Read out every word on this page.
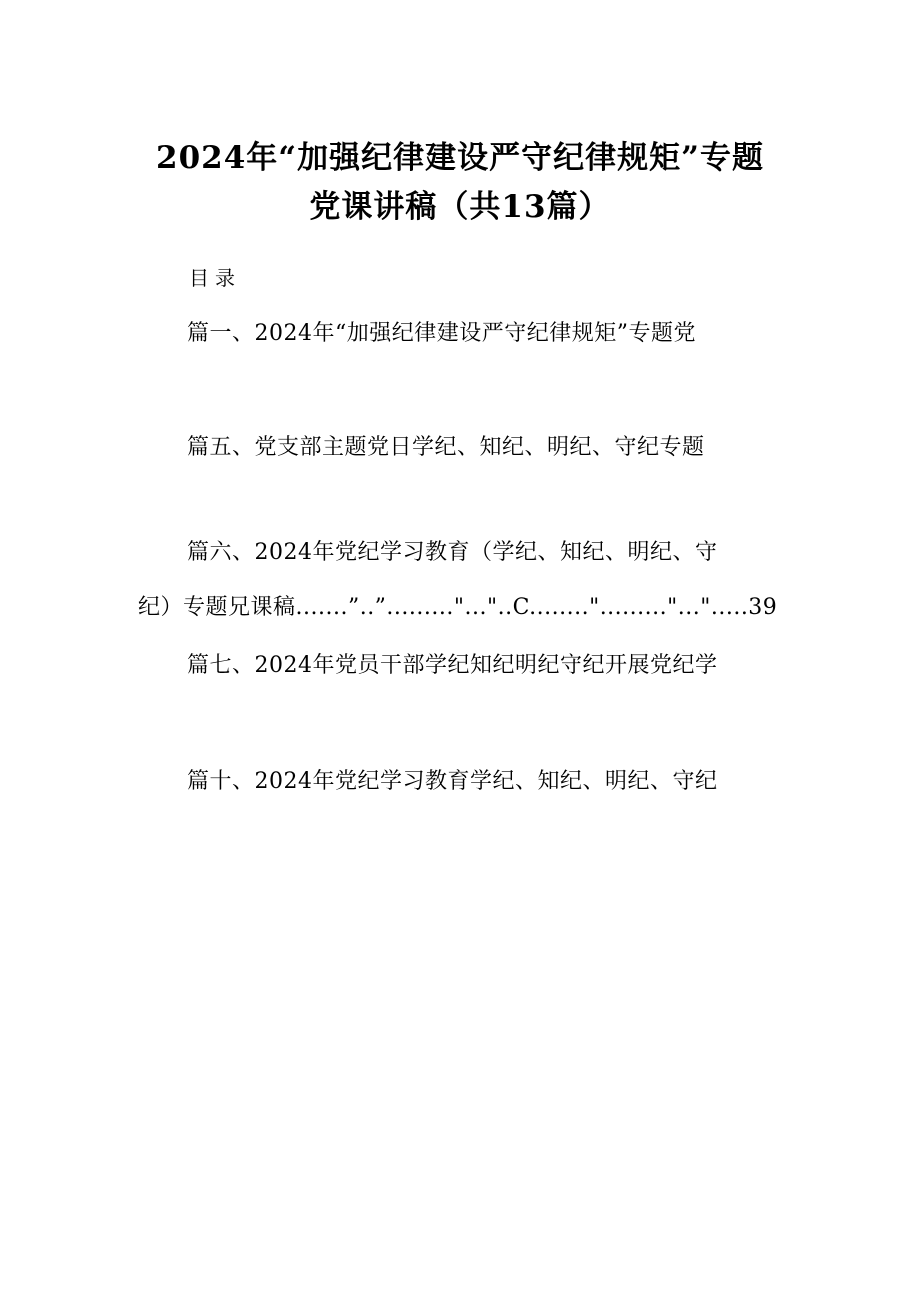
2024年“加强纪律建设严守纪律规矩”专题
党课讲稿（共13篇）
目录
篇一、2024年“加强纪律建设严守纪律规矩”专题党
篇五、党支部主题党日学纪、知纪、明纪、守纪专题
篇六、2024年党纪学习教育（学纪、知纪、明纪、守
纪）专题兄课稿.......”..”........."..."..C........"........."...".....39
篇七、2024年党员干部学纪知纪明纪守纪开展党纪学
篇十、2024年党纪学习教育学纪、知纪、明纪、守纪
